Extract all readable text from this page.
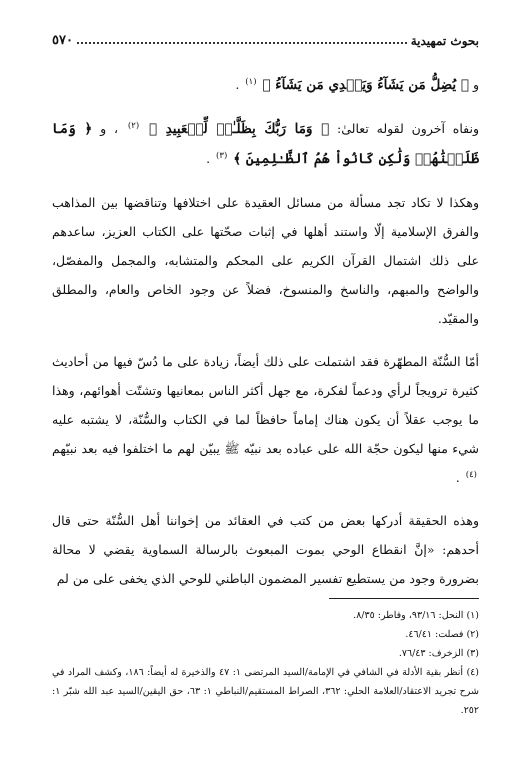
بحوث تمهيدية
٥٧٠

و ﴿ يُضِلُّ مَن يَشَآءُ وَيَهۡدِي مَن يَشَآءُ ﴾ $^{(١)}$ .

ونفاه آخرون لقوله تعالىٰ: ﴿ وَمَا رَبُّكَ بِظَلَّـٰمٖ لِّلۡعَبِيدِ ﴾ $^{(٢)}$ ، و ﴿ وَمَا ظَلَمۡنَٰهُمۡ وَلَٰكِن كَانُواْ هُمُ ٱلظَّـٰلِمِينَ ﴾ $^{(٣)}$ .

وهكذا لا تكاد تجد مسألة من مسائل العقيدة على اختلافها وتناقضها بين المذاهب والفرق الإسلامية إلّا واستند أهلها في إثبات صحّتها على الكتاب العزيز، ساعدهم على ذلك اشتمال القرآن الكريم على المحكم والمتشابه، والمجمل والمفصّل، والواضح والمبهم، والناسخ والمنسوخ، فضلاً عن وجود الخاص والعام، والمطلق والمقيّد.

أمّا السُّنّة المطهّرة فقد اشتملت على ذلك أيضاً، زيادة على ما دُسّ فيها من أحاديث كثيرة ترويجاً لرأي ودعماً لفكرة، مع جهل أكثر الناس بمعانيها وتشتّت أهوائهم، وهذا ما يوجب عقلاً أن يكون هناك إماماً حافظاً لما في الكتاب والسُّنّة، لا يشتبه عليه شيء منها ليكون حجّة الله على عباده بعد نبيّه ﷺ يبيّن لهم ما اختلفوا فيه بعد نبيّهم $^{(٤)}$ .

وهذه الحقيقة أدركها بعض من كتب في العقائد من إخواننا أهل السُّنّة حتى قال أحدهم: «إنَّ انقطاع الوحي بموت المبعوث بالرسالة السماوية يقضي لا محالة بضرورة وجود من يستطيع تفسير المضمون الباطني للوحي الذي يخفى على من لم

(١) النحل: ٩٣/١٦، وفاطر: ٨/٣٥.

(٢) فصلت: ٤٦/٤١.

(٣) الزخرف: ٧٦/٤٣.

(٤) أنظر بقية الأدلة في الشافي في الإمامة/السيد المرتضى ١: ٤٧ والذخيرة له أيضاً: ١٨٦، وكشف المراد في شرح تجريد الاعتقاد/العلامة الحلي: ٣٦٢، الصراط المستقيم/النباطي ١: ٦٣، حق اليقين/السيد عبد الله شبّر ١: ٢٥٢.
